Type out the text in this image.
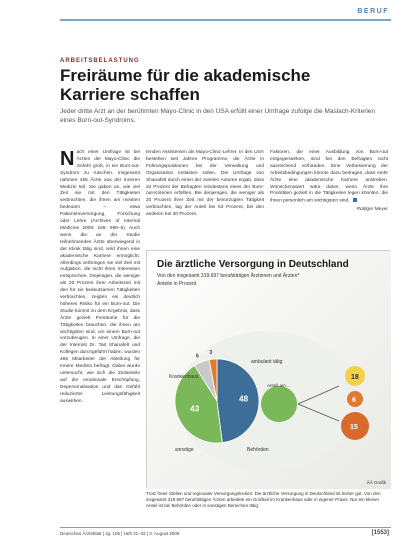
BERUF
ARBEITSBELASTUNG
Freiräume für die akademische Karriere schaffen
Jeder dritte Arzt an der berühmten Mayo-Clinic in den USA erfüllt einer Umfrage zufolge die Maslach-Kriterien eines Burn-out-Syndroms.
N ach einer Umfrage ist bei Ärzten der Mayo-Clinic die Gefahr groß, in ein Burn-out-Syndrom zu rutschen. Insgesamt nahmen 465 Ärzte aus der Inneren Medizin teil. Sie gaben an, wie viel Zeit sie mit den Tätigkeiten verbrachten, die ihnen am meisten bedeuten – etwa Patientenversorgung, Forschung oder Lehre (Archives of Internal Medicine 2009; 169: 990–5). Auch wenn die an der Studie teilnehmenden Ärzte überwiegend in der Klinik tätig sind, wird ihnen eine akademische Karriere ermöglicht. Allerdings verbringen sie viel Zeit mit Aufgaben, die nicht ihren Interessen entsprechen. Diejenigen, die weniger als 20 Prozent ihrer Arbeitszeit mit den für sie bedeutsamen Tätigkeiten verbrachten, zeigten ein deutlich höheres Risiko für ein Burn-out. Die Studie kommt zu dem Ergebnis, dass Ärzte gezielt Freiräume für die Tätigkeiten brauchen, die ihnen am wichtigsten sind, um einem Burn-out vorzubeugen. In einer Umfrage, die der Internist Dr. Tait Shanafelt und Kollegen durchgeführt haben, wurden 465 Mitarbeiter der Abteilung für Innere Medizin befragt. Dabei wurde untersucht, wie sich die Zeitanteile auf die emotionale Erschöpfung, Depersonalisation und das Gefühl reduzierter Leistungsfähigkeit auswirken.
tenden Assistenten als Mayo-Clinic-Lehrer. In den USA bestehen seit Jahren Programme, die Ärzte in Führungspositionen bei der Verwaltung und Organisation entlasten sollen. Die Umfrage von Shanafelt durch einen der zweiten Autoren ergab, dass 34 Prozent der Befragten mindestens eines der Burn-out-Kriterien erfüllten. Bei denjenigen, die weniger als 20 Prozent ihrer Zeit mit der bevorzugten Tätigkeit verbrachten, lag der Anteil bei 53 Prozent, bei den anderen bei 30 Prozent.
Faktoren, die einer Ausbildung von Burn-out entgegenwirken, sind bei den Befragten nicht ausreichend vorhanden. Eine Verbesserung der Arbeitsbedingungen könnte dazu beitragen, dass mehr Ärzte eine akademische Karriere anstreben. Wünschenswert wäre daher, wenn Ärzte ihre Prioritäten gezielt in die Tätigkeiten legen könnten, die ihnen persönlich am wichtigsten sind.
Rüdiger Meyer
Krankenhaus
ambulant tätig
sonstige	Behörden
Anteil am ...
18
6
15
48
43
6
3
Die ärztliche Versorgung in Deutschland
Von den insgesamt 319.697 berufstätigen Ärztinnen und Ärzten*
Anteile in Prozent
ÄÄ Grafik
Trotz freier Stellen und regionaler Versorgungslücken: Die ärztliche Versorgung in Deutschland ist bisher gut. Von den insgesamt 319.697 berufstätigen Ärzten arbeitete ein Großteil im Krankenhaus oder in eigener Praxis. Nur ein kleiner Anteil ist bei Behörden oder in sonstigen Bereichen tätig.
Deutsches Ärzteblatt | Jg. 106 | Heft 31–32 | 3. August 2009	[1553]
